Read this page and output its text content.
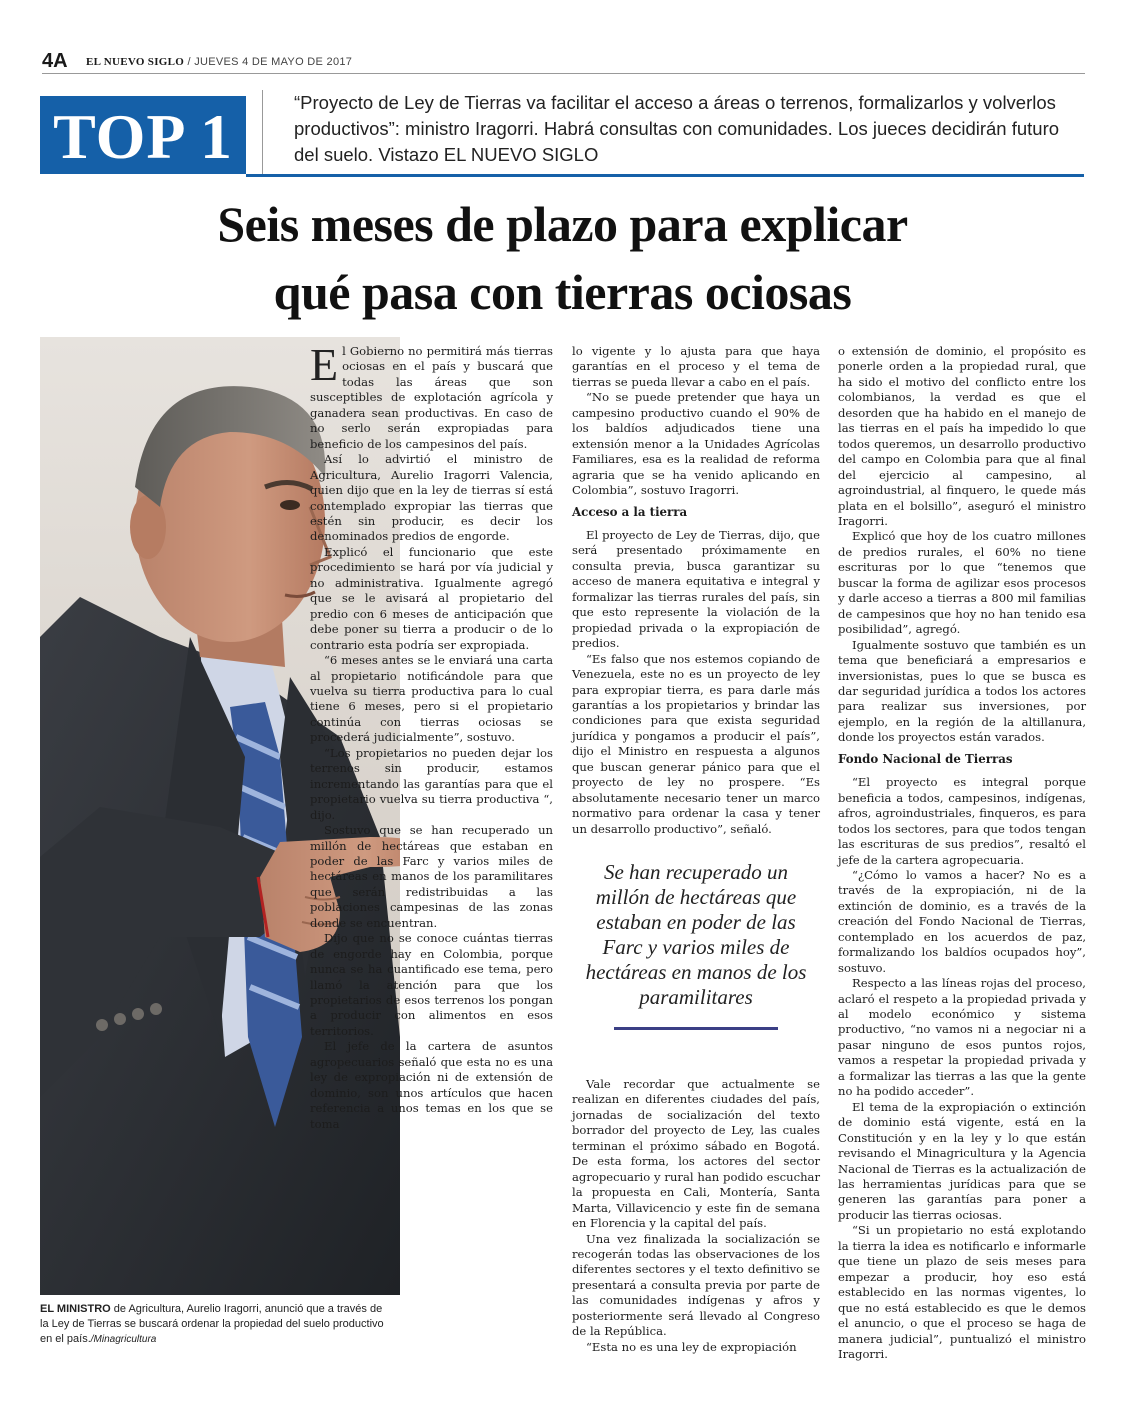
4A EL NUEVO SIGLO / JUEVES 4 DE MAYO DE 2017
TOP 1	“Proyecto de Ley de Tierras va facilitar el acceso a áreas o terrenos, formalizarlos y volverlos productivos”: ministro Iragorri. Habrá consultas con comunidades. Los jueces decidirán futuro del suelo. Vistazo EL NUEVO SIGLO
Seis meses de plazo para explicar
qué pasa con tierras ociosas
EL MINISTRO de Agricultura, Aurelio Iragorri, anunció que a través de la Ley de Tierras se buscará ordenar la propiedad del suelo productivo en el país./Minagricultura

El Gobierno no permitirá más tierras ociosas en el país y buscará que todas las áreas que son susceptibles de explotación agrícola y ganadera sean productivas. En caso de no serlo serán expropiadas para beneficio de los campesinos del país.

Así lo advirtió el ministro de Agricultura, Aurelio Iragorri Valencia, quien dijo que en la ley de tierras sí está contemplado expropiar las tierras que estén sin producir, es decir los denominados predios de engorde.

Explicó el funcionario que este procedimiento se hará por vía judicial y no administrativa. Igualmente agregó que se le avisará al propietario del predio con 6 meses de anticipación que debe poner su tierra a producir o de lo contrario esta podría ser expropiada.

“6 meses antes se le enviará una carta al propietario notificándole para que vuelva su tierra productiva para lo cual tiene 6 meses, pero si el propietario continúa con tierras ociosas se procederá judicialmente”, sostuvo.

“Los propietarios no pueden dejar los terrenos sin producir, estamos incrementando las garantías para que el propietario vuelva su tierra productiva “, dijo.

Sostuvo que se han recuperado un millón de hectáreas que estaban en poder de las Farc y varios miles de hectáreas en manos de los paramilitares que serán redistribuidas a las poblaciones campesinas de las zonas donde se encuentran.

Dijo que no se conoce cuántas tierras de engorde hay en Colombia, porque nunca se ha cuantificado ese tema, pero llamó la atención para que los propietarios de esos terrenos los pongan a producir con alimentos en esos territorios.

El jefe de la cartera de asuntos agropecuarios señaló que esta no es una ley de expropiación ni de extensión de dominio, son unos artículos que hacen referencia a unos temas en los que se toma

lo vigente y lo ajusta para que haya garantías en el proceso y el tema de tierras se pueda llevar a cabo en el país.

“No se puede pretender que haya un campesino productivo cuando el 90% de los baldíos adjudicados tiene una extensión menor a la Unidades Agrícolas Familiares, esa es la realidad de reforma agraria que se ha venido aplicando en Colombia”, sostuvo Iragorri.

Acceso a la tierra

El proyecto de Ley de Tierras, dijo, que será presentado próximamente en consulta previa, busca garantizar su acceso de manera equitativa e integral y formalizar las tierras rurales del país, sin que esto represente la violación de la propiedad privada o la expropiación de predios.

“Es falso que nos estemos copiando de Venezuela, este no es un proyecto de ley para expropiar tierra, es para darle más garantías a los propietarios y brindar las condiciones para que exista seguridad jurídica y pongamos a producir el país”, dijo el Ministro en respuesta a algunos que buscan generar pánico para que el proyecto de ley no prospere. “Es absolutamente necesario tener un marco normativo para ordenar la casa y tener un desarrollo productivo”, señaló.

Se han recuperado un millón de hectáreas que estaban en poder de las Farc y varios miles de hectáreas en manos de los paramilitares

Vale recordar que actualmente se realizan en diferentes ciudades del país, jornadas de socialización del texto borrador del proyecto de Ley, las cuales terminan el próximo sábado en Bogotá. De esta forma, los actores del sector agropecuario y rural han podido escuchar la propuesta en Cali, Montería, Santa Marta, Villavicencio y este fin de semana en Florencia y la capital del país.

Una vez finalizada la socialización se recogerán todas las observaciones de los diferentes sectores y el texto definitivo se presentará a consulta previa por parte de las comunidades indígenas y afros y posteriormente será llevado al Congreso de la República.

“Esta no es una ley de expropiación

o extensión de dominio, el propósito es ponerle orden a la propiedad rural, que ha sido el motivo del conflicto entre los colombianos, la verdad es que el desorden que ha habido en el manejo de las tierras en el país ha impedido lo que todos queremos, un desarrollo productivo del campo en Colombia para que al final del ejercicio al campesino, al agroindustrial, al finquero, le quede más plata en el bolsillo”, aseguró el ministro Iragorri.

Explicó que hoy de los cuatro millones de predios rurales, el 60% no tiene escrituras por lo que “tenemos que buscar la forma de agilizar esos procesos y darle acceso a tierras a 800 mil familias de campesinos que hoy no han tenido esa posibilidad”, agregó.

Igualmente sostuvo que también es un tema que beneficiará a empresarios e inversionistas, pues lo que se busca es dar seguridad jurídica a todos los actores para realizar sus inversiones, por ejemplo, en la región de la altillanura, donde los proyectos están varados.

Fondo Nacional de Tierras

“El proyecto es integral porque beneficia a todos, campesinos, indígenas, afros, agroindustriales, finqueros, es para todos los sectores, para que todos tengan las escrituras de sus predios”, resaltó el jefe de la cartera agropecuaria.

“¿Cómo lo vamos a hacer? No es a través de la expropiación, ni de la extinción de dominio, es a través de la creación del Fondo Nacional de Tierras, contemplado en los acuerdos de paz, formalizando los baldíos ocupados hoy”, sostuvo.

Respecto a las líneas rojas del proceso, aclaró el respeto a la propiedad privada y al modelo económico y sistema productivo, “no vamos ni a negociar ni a pasar ninguno de esos puntos rojos, vamos a respetar la propiedad privada y a formalizar las tierras a las que la gente no ha podido acceder”.

El tema de la expropiación o extinción de dominio está vigente, está en la Constitución y en la ley y lo que están revisando el Minagricultura y la Agencia Nacional de Tierras es la actualización de las herramientas jurídicas para que se generen las garantías para poner a producir las tierras ociosas.

“Si un propietario no está explotando la tierra la idea es notificarlo e informarle que tiene un plazo de seis meses para empezar a producir, hoy eso está establecido en las normas vigentes, lo que no está establecido es que le demos el anuncio, o que el proceso se haga de manera judicial”, puntualizó el ministro Iragorri.
